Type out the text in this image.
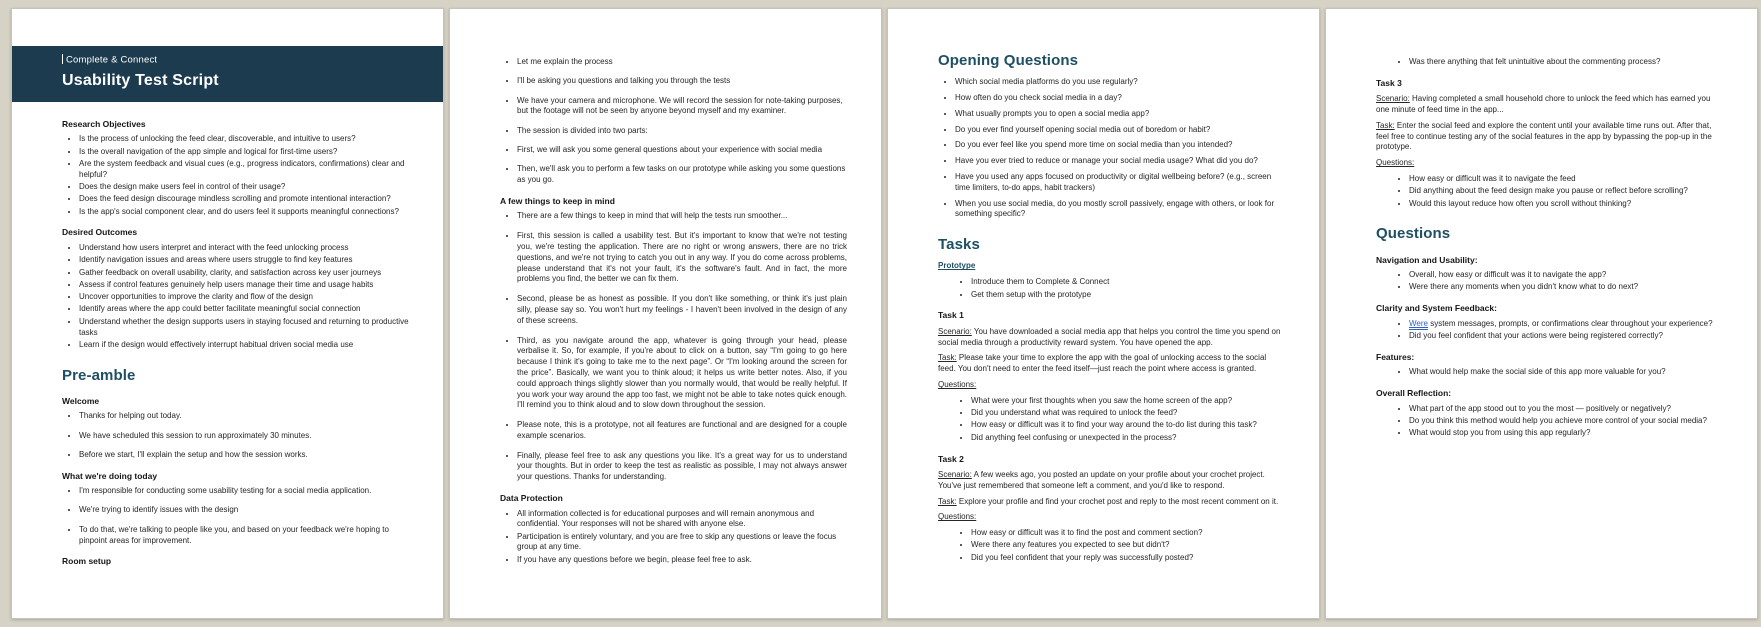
Complete & Connect
Usability Test Script
Research Objectives
• Is the process of unlocking the feed clear, discoverable, and intuitive to users?
• Is the overall navigation of the app simple and logical for first-time users?
• Are the system feedback and visual cues (e.g., progress indicators, confirmations) clear and helpful?
• Does the design make users feel in control of their usage?
• Does the feed design discourage mindless scrolling and promote intentional interaction?
• Is the app's social component clear, and do users feel it supports meaningful connections?
Desired Outcomes
• Understand how users interpret and interact with the feed unlocking process
• Identify navigation issues and areas where users struggle to find key features
• Gather feedback on overall usability, clarity, and satisfaction across key user journeys
• Assess if control features genuinely help users manage their time and usage habits
• Uncover opportunities to improve the clarity and flow of the design
• Identify areas where the app could better facilitate meaningful social connection
• Understand whether the design supports users in staying focused and returning to productive tasks
• Learn if the design would effectively interrupt habitual driven social media use
Pre-amble
Welcome
• Thanks for helping out today.
• We have scheduled this session to run approximately 30 minutes.
• Before we start, I'll explain the setup and how the session works.
What we're doing today
• I'm responsible for conducting some usability testing for a social media application.
• We're trying to identify issues with the design
• To do that, we're talking to people like you, and based on your feedback we're hoping to pinpoint areas for improvement.
Room setup
• Let me explain the process
• I'll be asking you questions and talking you through the tests
• We have your camera and microphone. We will record the session for note-taking purposes, but the footage will not be seen by anyone beyond myself and my examiner.
• The session is divided into two parts:
• First, we will ask you some general questions about your experience with social media
• Then, we'll ask you to perform a few tasks on our prototype while asking you some questions as you go.
A few things to keep in mind
• There are a few things to keep in mind that will help the tests run smoother...
• First, this session is called a usability test. But it's important to know that we're not testing you, we're testing the application. There are no right or wrong answers, there are no trick questions, and we're not trying to catch you out in any way. If you do come across problems, please understand that it's not your fault, it's the software's fault. And in fact, the more problems you find, the better we can fix them.
• Second, please be as honest as possible. If you don't like something, or think it's just plain silly, please say so. You won't hurt my feelings - I haven't been involved in the design of any of these screens.
• Third, as you navigate around the app, whatever is going through your head, please verbalise it. So, for example, if you're about to click on a button, say “I'm going to go here because I think it's going to take me to the next page”. Or “I'm looking around the screen for the price”. Basically, we want you to think aloud; it helps us write better notes. Also, if you could approach things slightly slower than you normally would, that would be really helpful. If you work your way around the app too fast, we might not be able to take notes quick enough. I'll remind you to think aloud and to slow down throughout the session.
• Please note, this is a prototype, not all features are functional and are designed for a couple example scenarios.
• Finally, please feel free to ask any questions you like. It's a great way for us to understand your thoughts. But in order to keep the test as realistic as possible, I may not always answer your questions. Thanks for understanding.
Data Protection
• All information collected is for educational purposes and will remain anonymous and confidential. Your responses will not be shared with anyone else.
• Participation is entirely voluntary, and you are free to skip any questions or leave the focus group at any time.
• If you have any questions before we begin, please feel free to ask.
Opening Questions
• Which social media platforms do you use regularly?
• How often do you check social media in a day?
• What usually prompts you to open a social media app?
• Do you ever find yourself opening social media out of boredom or habit?
• Do you ever feel like you spend more time on social media than you intended?
• Have you ever tried to reduce or manage your social media usage? What did you do?
• Have you used any apps focused on productivity or digital wellbeing before? (e.g., screen time limiters, to-do apps, habit trackers)
• When you use social media, do you mostly scroll passively, engage with others, or look for something specific?
Tasks
Prototype
• Introduce them to Complete & Connect
• Get them setup with the prototype
Task 1

Scenario: You have downloaded a social media app that helps you control the time you spend on social media through a productivity reward system. You have opened the app.

Task: Please take your time to explore the app with the goal of unlocking access to the social feed. You don't need to enter the feed itself—just reach the point where access is granted.

Questions:

• What were your first thoughts when you saw the home screen of the app?
• Did you understand what was required to unlock the feed?
• How easy or difficult was it to find your way around the to-do list during this task?
• Did anything feel confusing or unexpected in the process?
Task 2

Scenario: A few weeks ago, you posted an update on your profile about your crochet project. You've just remembered that someone left a comment, and you'd like to respond.

Task: Explore your profile and find your crochet post and reply to the most recent comment on it.

Questions:

• How easy or difficult was it to find the post and comment section?
• Were there any features you expected to see but didn't?
• Did you feel confident that your reply was successfully posted?
• Was there anything that felt unintuitive about the commenting process?
Task 3

Scenario: Having completed a small household chore to unlock the feed which has earned you one minute of feed time in the app...

Task: Enter the social feed and explore the content until your available time runs out. After that, feel free to continue testing any of the social features in the app by bypassing the pop-up in the prototype.

Questions:

• How easy or difficult was it to navigate the feed
• Did anything about the feed design make you pause or reflect before scrolling?
• Would this layout reduce how often you scroll without thinking?
Questions
Navigation and Usability:
• Overall, how easy or difficult was it to navigate the app?
• Were there any moments when you didn't know what to do next?
Clarity and System Feedback:
• Were system messages, prompts, or confirmations clear throughout your experience?
• Did you feel confident that your actions were being registered correctly?
Features:
• What would help make the social side of this app more valuable for you?
Overall Reflection:
• What part of the app stood out to you the most — positively or negatively?
• Do you think this method would help you achieve more control of your social media?
• What would stop you from using this app regularly?
